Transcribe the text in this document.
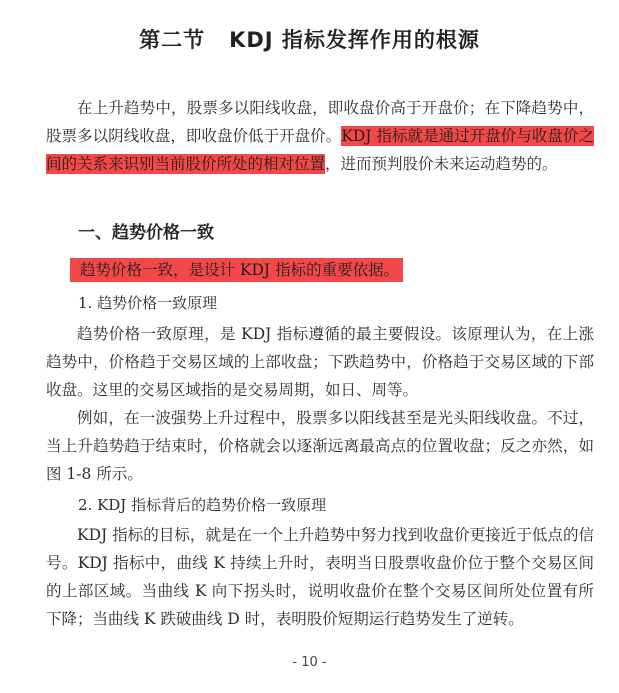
第二节 KDJ 指标发挥作用的根源
在上升趋势中，股票多以阳线收盘，即收盘价高于开盘价；在下降趋势中，股票多以阴线收盘，即收盘价低于开盘价。KDJ 指标就是通过开盘价与收盘价之间的关系来识别当前股价所处的相对位置，进而预判股价未来运动趋势的。
一、趋势价格一致
趋势价格一致，是设计 KDJ 指标的重要依据。
1. 趋势价格一致原理
趋势价格一致原理，是 KDJ 指标遵循的最主要假设。该原理认为，在上涨趋势中，价格趋于交易区域的上部收盘；下跌趋势中，价格趋于交易区域的下部收盘。这里的交易区域指的是交易周期，如日、周等。
例如，在一波强势上升过程中，股票多以阳线甚至是光头阳线收盘。不过，当上升趋势趋于结束时，价格就会以逐渐远离最高点的位置收盘；反之亦然，如图 1-8 所示。
2. KDJ 指标背后的趋势价格一致原理
KDJ 指标的目标，就是在一个上升趋势中努力找到收盘价更接近于低点的信号。KDJ 指标中，曲线 K 持续上升时，表明当日股票收盘价位于整个交易区间的上部区域。当曲线 K 向下拐头时，说明收盘价在整个交易区间所处位置有所下降；当曲线 K 跌破曲线 D 时，表明股价短期运行趋势发生了逆转。
- 10 -
